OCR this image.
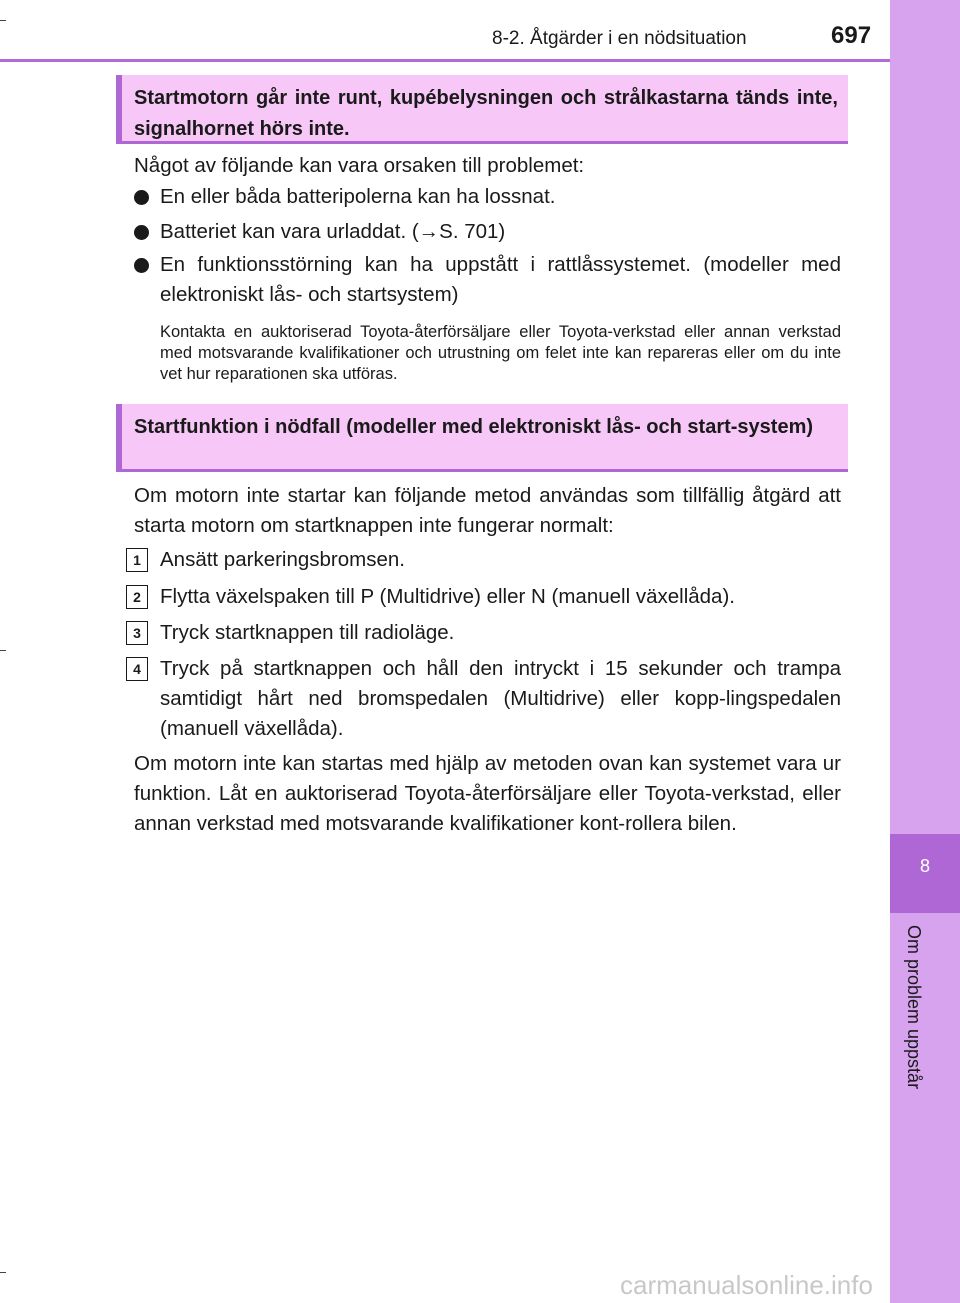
8-2. Åtgärder i en nödsituation	697
8
Om problem uppstår
Startmotorn går inte runt, kupébelysningen och strålkastarna tänds inte, signalhornet hörs inte.
Något av följande kan vara orsaken till problemet:
En eller båda batteripolerna kan ha lossnat.
Batteriet kan vara urladdat. (→S. 701)
En funktionsstörning kan ha uppstått i rattlåssystemet. (modeller med elektroniskt lås- och startsystem)
Kontakta en auktoriserad Toyota-återförsäljare eller Toyota-verkstad eller annan verkstad med motsvarande kvalifikationer och utrustning om felet inte kan repareras eller om du inte vet hur reparationen ska utföras.
Startfunktion i nödfall (modeller med elektroniskt lås- och start-system)
Om motorn inte startar kan följande metod användas som tillfällig åtgärd att starta motorn om startknappen inte fungerar normalt:
1 Ansätt parkeringsbromsen.
2 Flytta växelspaken till P (Multidrive) eller N (manuell växellåda).
3 Tryck startknappen till radioläge.
4 Tryck på startknappen och håll den intryckt i 15 sekunder och trampa samtidigt hårt ned bromspedalen (Multidrive) eller kopp-lingspedalen (manuell växellåda).
Om motorn inte kan startas med hjälp av metoden ovan kan systemet vara ur funktion. Låt en auktoriserad Toyota-återförsäljare eller Toyota-verkstad, eller annan verkstad med motsvarande kvalifikationer kont-rollera bilen.
carmanualsonline.info
